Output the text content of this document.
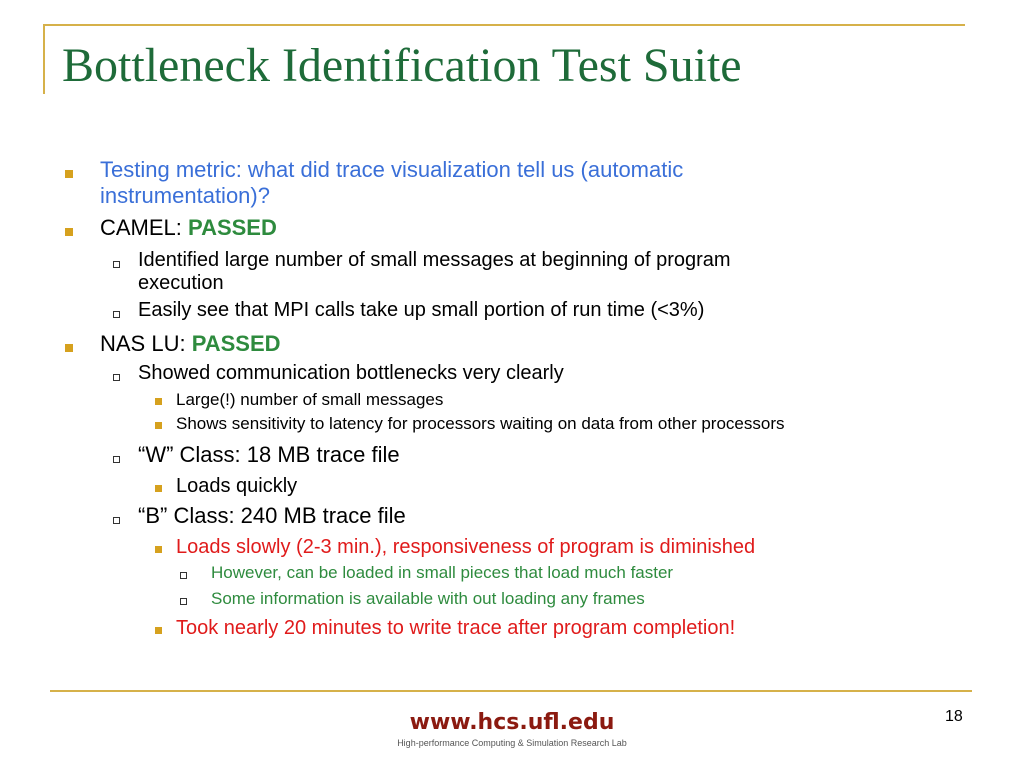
Bottleneck Identification Test Suite
Testing metric: what did trace visualization tell us (automatic
instrumentation)?
CAMEL: PASSED
Identified large number of small messages at beginning of program
execution
Easily see that MPI calls take up small portion of run time (<3%)
NAS LU: PASSED
Showed communication bottlenecks very clearly
Large(!) number of small messages
Shows sensitivity to latency for processors waiting on data from other processors
“W” Class: 18 MB trace file
Loads quickly
“B” Class: 240 MB trace file
Loads slowly (2-3 min.), responsiveness of program is diminished
However, can be loaded in small pieces that load much faster
Some information is available with out loading any frames
Took nearly 20 minutes to write trace after program completion!
www.hcs.ufl.edu
High-performance Computing & Simulation Research Lab
18
